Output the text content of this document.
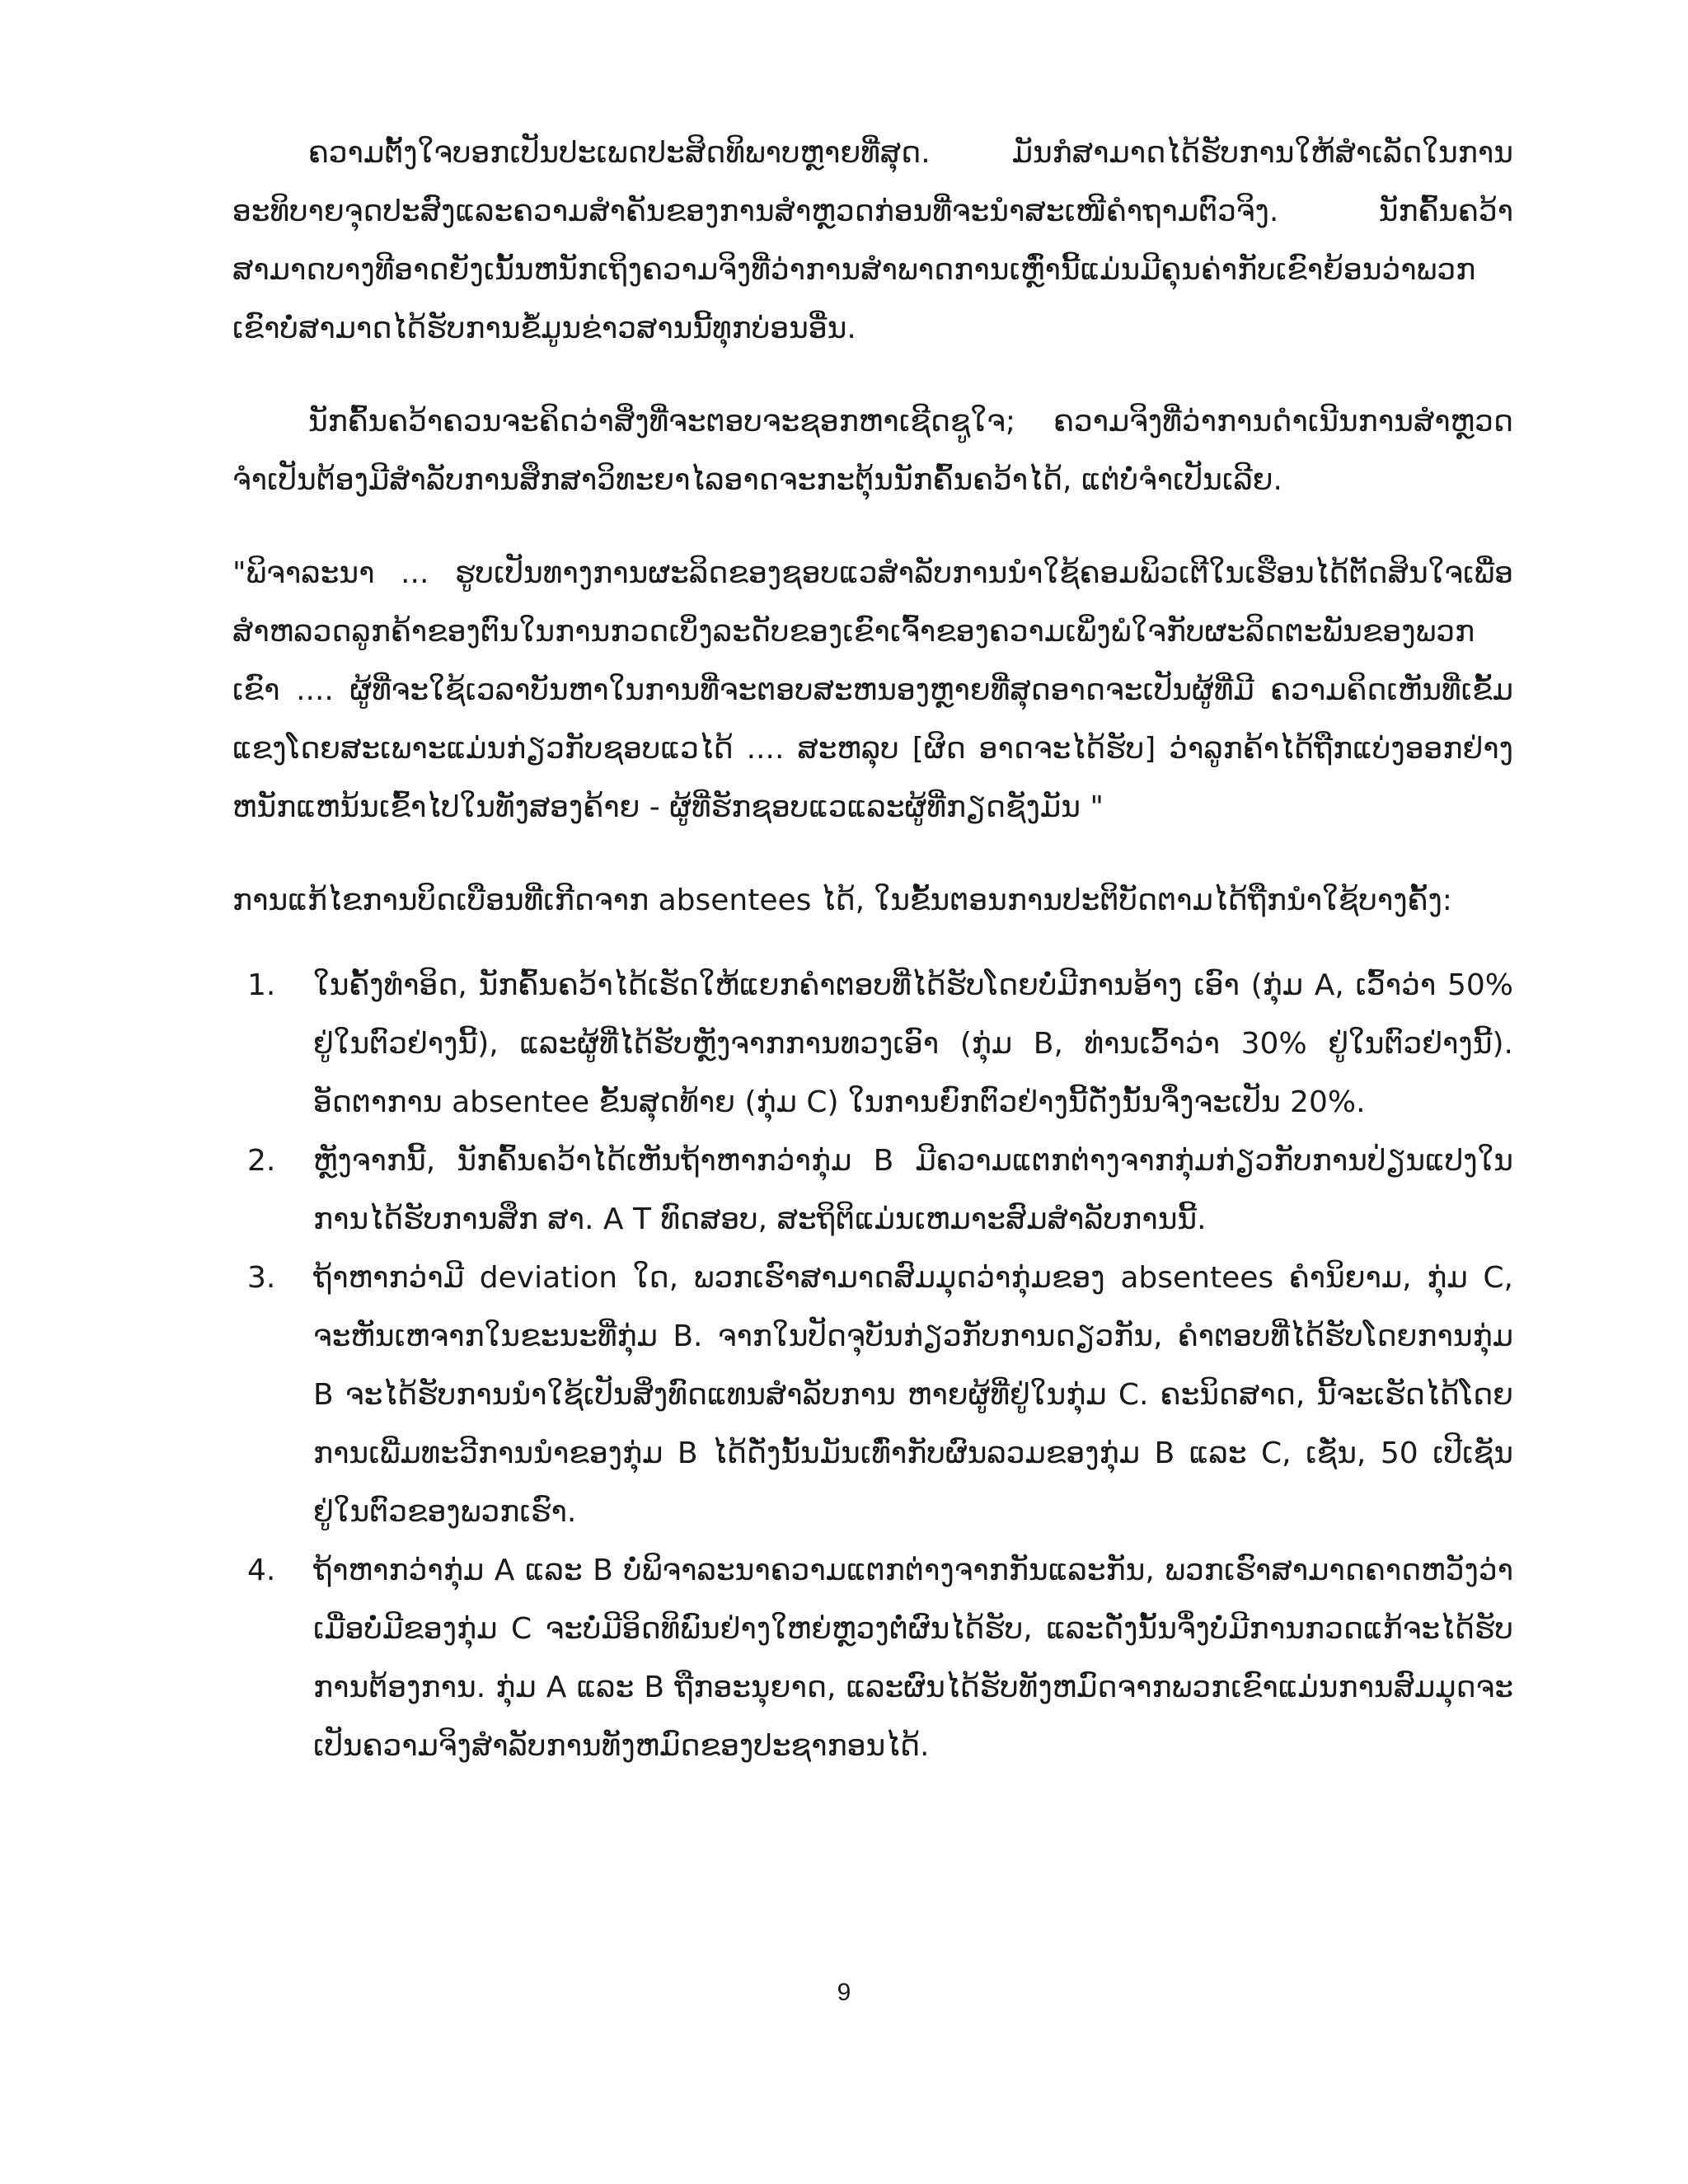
ຄວາມຕັ້ງໃຈບອກເປັນປະເພດປະສິດທິພາບຫຼາຍທີ່ສຸດ. ມັນກໍສາມາດໄດ້ຮັບການໃຫ້ສຳເລັດໃນການອະທິບາຍຈຸດປະສົງແລະຄວາມສຳຄັນຂອງການສຳຫຼວດກ່ອນທີ່ຈະນຳສະເໜີຄຳຖາມຕົວຈິງ. ນັກຄົ້ນຄວ້າສາມາດບາງທີອາດຍັງເນັ້ນຫນັກເຖິງຄວາມຈິງທີ່ວ່າການສຳພາດການເຫຼົ່ານີ້ແມ່ນມີຄຸນຄ່າກັບເຂົາຍ້ອນວ່າພວກເຂົາບໍ່ສາມາດໄດ້ຮັບການຂໍ້ມູນຂ່າວສານນີ້ທຸກບ່ອນອື່ນ.

ນັກຄົ້ນຄວ້າຄວນຈະຄິດວ່າສິ່ງທີ່ຈະຕອບຈະຊອກຫາເຊີດຊູໃຈ; ຄວາມຈິງທີ່ວ່າການດຳເນີນການສຳຫຼວດຈຳເປັນຕ້ອງມີສຳລັບການສຶກສາວິທະຍາໄລອາດຈະກະຕຸ້ນນັກຄົ້ນຄວ້າໄດ້, ແຕ່ບໍ່ຈຳເປັນເລີຍ.

"ພິຈາລະນາ ... ຮູບເປັນທາງການຜະລິດຂອງຊອບແວສຳລັບການນຳໃຊ້ຄອມພິວເຕີໃນເຮືອນໄດ້ຕັດສິນໃຈເພື່ອສຳຫລວດລູກຄ້າຂອງຕົນໃນການກວດເບິ່ງລະດັບຂອງເຂົາເຈົ້າຂອງຄວາມເພິ່ງພໍໃຈກັບຜະລິດຕະພັນຂອງພວກເຂົາ .... ຜູ້ທີ່ຈະໃຊ້ເວລາບັນຫາໃນການທີ່ຈະຕອບສະຫນອງຫຼາຍທີ່ສຸດອາດຈະເປັນຜູ້ທີ່ມີ ຄວາມຄິດເຫັນທີ່ເຂັ້ມແຂງໂດຍສະເພາະແມ່ນກ່ຽວກັບຊອບແວໄດ້ .... ສະຫລຸບ [ຜິດ ອາດຈະໄດ້ຮັບ] ວ່າລູກຄ້າໄດ້ຖືກແບ່ງອອກຢ່າງຫນັກແຫນ້ນເຂົ້າໄປໃນທັງສອງຄ້າຍ - ຜູ້ທີ່ຮັກຊອບແວແລະຜູ້ທີ່ກຽດຊັງມັນ "

ການແກ້ໄຂການບິດເບືອນທີ່ເກີດຈາກ absentees ໄດ້, ໃນຂັ້ນຕອນການປະຕິບັດຕາມໄດ້ຖືກນຳໃຊ້ບາງຄັ້ງ:

1.	ໃນຄັ້ງທຳອິດ, ນັກຄົ້ນຄວ້າໄດ້ເຮັດໃຫ້ແຍກຄຳຕອບທີ່ໄດ້ຮັບໂດຍບໍ່ມີການອ້າງ ເອົາ (ກຸ່ມ A, ເວົ້າວ່າ 50% ຢູ່ໃນຕົວຢ່າງນີ້), ແລະຜູ້ທີ່ໄດ້ຮັບຫຼັງຈາກການທວງເອົາ (ກຸ່ມ B, ທ່ານເວົ້າວ່າ 30% ຢູ່ໃນຕົວຢ່າງນີ້). ອັດຕາການ absentee ຂັ້ນສຸດທ້າຍ (ກຸ່ມ C) ໃນການຍົກຕົວຢ່າງນີ້ດັ່ງນັ້ນຈຶ່ງຈະເປັນ 20%.
2.	ຫຼັງຈາກນີ້, ນັກຄົ້ນຄວ້າໄດ້ເຫັນຖ້າຫາກວ່າກຸ່ມ B ມີຄວາມແຕກຕ່າງຈາກກຸ່ມກ່ຽວກັບການປ່ຽນແປງໃນການໄດ້ຮັບການສຶກ ສາ. A T ທົດສອບ, ສະຖິຕິແມ່ນເຫມາະສົມສຳລັບການນີ້.
3.	ຖ້າຫາກວ່າມີ deviation ໃດ, ພວກເຮົາສາມາດສົມມຸດວ່າກຸ່ມຂອງ absentees ຄຳນິຍາມ, ກຸ່ມ C, ຈະຫັນເຫຈາກໃນຂະນະທີ່ກຸ່ມ B. ຈາກໃນປັດຈຸບັນກ່ຽວກັບການດຽວກັນ, ຄຳຕອບທີ່ໄດ້ຮັບໂດຍການກຸ່ມ B ຈະໄດ້ຮັບການນຳໃຊ້ເປັນສິ່ງທົດແທນສຳລັບການ ຫາຍຜູ້ທີ່ຢູ່ໃນກຸ່ມ C. ຄະນິດສາດ, ນີ້ຈະເຮັດໄດ້ໂດຍການເພີ່ມທະວີການນຳຂອງກຸ່ມ B ໄດ້ດັ່ງນັ້ນມັນເທົ່າກັບຜົນລວມຂອງກຸ່ມ B ແລະ C, ເຊັ່ນ, 50 ເປີເຊັນຢູ່ໃນຕົວຂອງພວກເຮົາ.
4.	ຖ້າຫາກວ່າກຸ່ມ A ແລະ B ບໍ່ພິຈາລະນາຄວາມແຕກຕ່າງຈາກກັນແລະກັນ, ພວກເຮົາສາມາດຄາດຫວັງວ່າເມື່ອບໍ່ມີຂອງກຸ່ມ C ຈະບໍ່ມີອິດທິພົນຢ່າງໃຫຍ່ຫຼວງຕໍ່ຜົນໄດ້ຮັບ, ແລະດັ່ງນັ້ນຈຶ່ງບໍ່ມີການກວດແກ້ຈະໄດ້ຮັບການຕ້ອງການ. ກຸ່ມ A ແລະ B ຖືກອະນຸຍາດ, ແລະຜົນໄດ້ຮັບທັງຫມົດຈາກພວກເຂົາແມ່ນການສົມມຸດຈະເປັນຄວາມຈິງສຳລັບການທັງຫມົດຂອງປະຊາກອນໄດ້.
9
